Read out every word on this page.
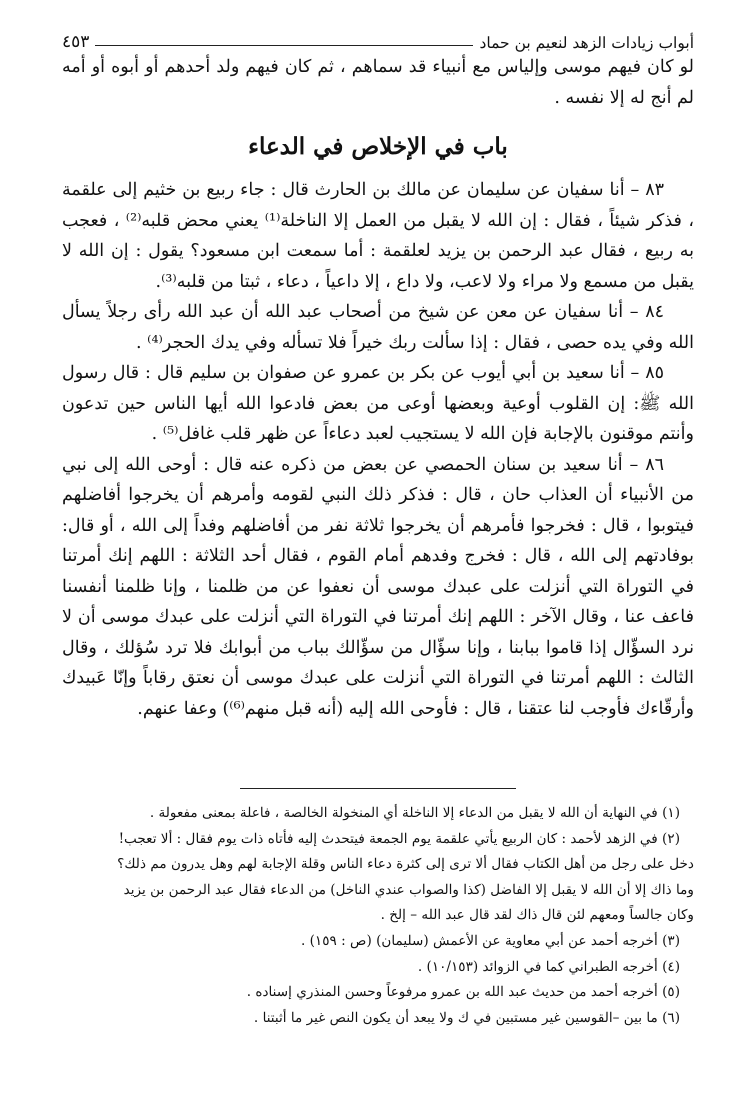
أبواب زيادات الزهد لنعيم بن حماد
٤٥٣

لو كان فيهم موسى وإلياس مع أنبياء قد سماهم ، ثم كان فيهم ولد أحدهم أو أبوه أو أمه لم أنج له إلا نفسه .

باب في الإخلاص في الدعاء

٨٣ – أنا سفيان عن سليمان عن مالك بن الحارث قال : جاء ربيع بن خثيم إلى علقمة ، فذكر شيئاً ، فقال : إن الله لا يقبل من العمل إلا الناخلة⁽¹⁾ يعني محض قلبه⁽²⁾ ، فعجب به ربيع ، فقال عبد الرحمن بن يزيد لعلقمة : أما سمعت ابن مسعود؟ يقول : إن الله لا يقبل من مسمع ولا مراء ولا لاعب، ولا داع ، إلا داعياً ، دعاء ، ثبتا من قلبه⁽³⁾.

٨٤ – أنا سفيان عن معن عن شيخ من أصحاب عبد الله أن عبد الله رأى رجلاً يسأل الله وفي يده حصى ، فقال : إذا سألت ربك خيراً فلا تسأله وفي يدك الحجر⁽⁴⁾ .

٨٥ – أنا سعيد بن أبي أيوب عن بكر بن عمرو عن صفوان بن سليم قال : قال رسول الله ﷺ: إن القلوب أوعية وبعضها أوعى من بعض فادعوا الله أيها الناس حين تدعون وأنتم موقنون بالإجابة فإن الله لا يستجيب لعبد دعاءاً عن ظهر قلب غافل⁽⁵⁾ .

٨٦ – أنا سعيد بن سنان الحمصي عن بعض من ذكره عنه قال : أوحى الله إلى نبي من الأنبياء أن العذاب حان ، قال : فذكر ذلك النبي لقومه وأمرهم أن يخرجوا أفاضلهم فيتوبوا ، قال : فخرجوا فأمرهم أن يخرجوا ثلاثة نفر من أفاضلهم وفداً إلى الله ، أو قال: بوفادتهم إلى الله ، قال : فخرج وفدهم أمام القوم ، فقال أحد الثلاثة : اللهم إنك أمرتنا في التوراة التي أنزلت على عبدك موسى أن نعفوا عن من ظلمنا ، وإنا ظلمنا أنفسنا فاعف عنا ، وقال الآخر : اللهم إنك أمرتنا في التوراة التي أنزلت على عبدك موسى أن لا نرد السؤّال إذا قاموا ببابنا ، وإنا سؤّال من سؤّالك بباب من أبوابك فلا ترد سُؤلك ، وقال الثالث : اللهم أمرتنا في التوراة التي أنزلت على عبدك موسى أن نعتق رقاباً وإنّا عَبيدك وأرقّاءك فأوجب لنا عتقنا ، قال : فأوحى الله إليه (أنه قبل منهم⁽⁶⁾) وعفا عنهم.

(١) في النهاية أن الله لا يقبل من الدعاء إلا الناخلة أي المنخولة الخالصة ، فاعلة بمعنى مفعولة .

(٢) في الزهد لأحمد : كان الربيع يأتي علقمة يوم الجمعة فيتحدث إليه فأتاه ذات يوم فقال : ألا تعجب!

دخل على رجل من أهل الكتاب فقال ألا ترى إلى كثرة دعاء الناس وقلة الإجابة لهم وهل يدرون مم ذلك؟

وما ذاك إلا أن الله لا يقبل إلا الفاضل (كذا والصواب عندي الناخل) من الدعاء فقال عبد الرحمن بن يزيد

وكان جالساً ومعهم لئن قال ذاك لقد قال عبد الله – إلخ .

(٣) أخرجه أحمد عن أبي معاوية عن الأعمش (سليمان) (ص : ١٥٩) .

(٤) أخرجه الطبراني كما في الزوائد (١٠/١٥٣) .

(٥) أخرجه أحمد من حديث عبد الله بن عمرو مرفوعاً وحسن المنذري إسناده .

(٦) ما بين –القوسين غير مستبين في ك ولا يبعد أن يكون النص غير ما أثبتنا .
